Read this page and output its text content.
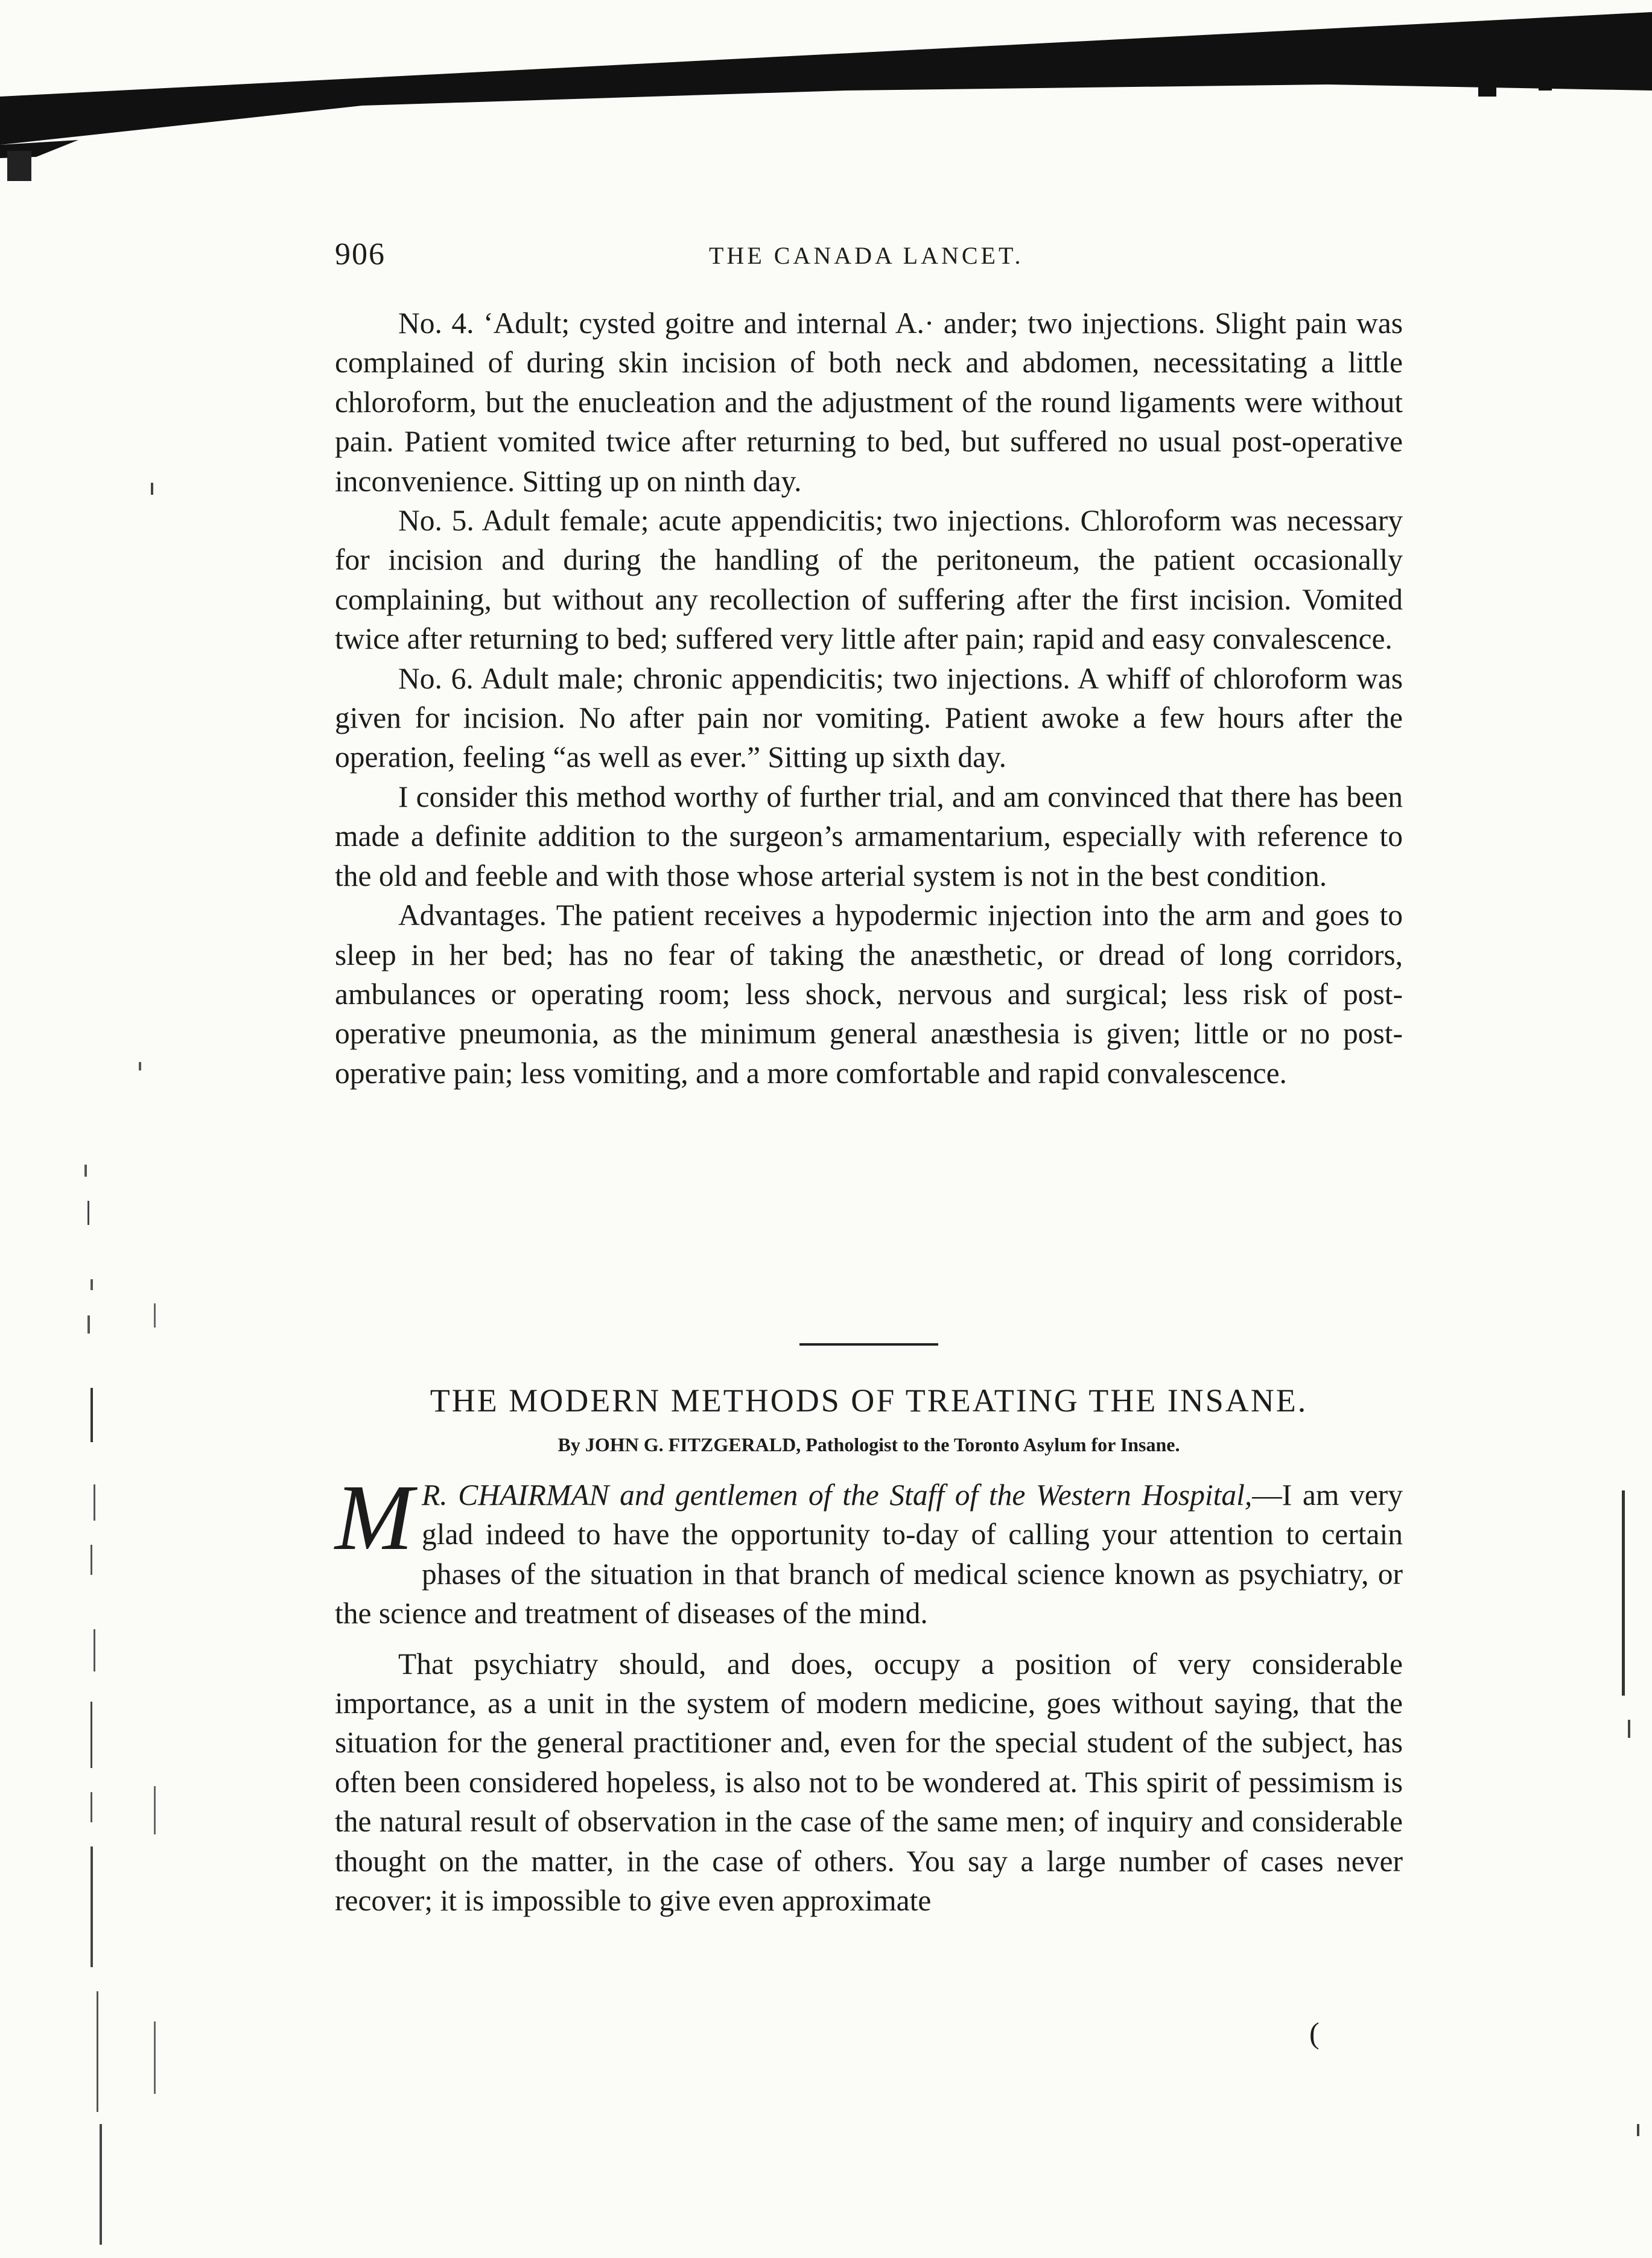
906	THE CANADA LANCET.

No. 4. ‘Adult; cysted goitre and internal A.· ander; two injections. Slight pain was complained of during skin incision of both neck and abdomen, necessitating a little chloroform, but the enucleation and the adjustment of the round ligaments were without pain. Patient vomited twice after returning to bed, but suffered no usual post-operative inconvenience. Sitting up on ninth day.

No. 5. Adult female; acute appendicitis; two injections. Chloroform was necessary for incision and during the handling of the peritoneum, the patient occasionally complaining, but without any recollection of suffering after the first incision. Vomited twice after returning to bed; suffered very little after pain; rapid and easy convalescence.

No. 6. Adult male; chronic appendicitis; two injections. A whiff of chloroform was given for incision. No after pain nor vomiting. Patient awoke a few hours after the operation, feeling “as well as ever.” Sitting up sixth day.

I consider this method worthy of further trial, and am convinced that there has been made a definite addition to the surgeon’s armamentarium, especially with reference to the old and feeble and with those whose arterial system is not in the best condition.

Advantages. The patient receives a hypodermic injection into the arm and goes to sleep in her bed; has no fear of taking the anæsthetic, or dread of long corridors, ambulances or operating room; less shock, nervous and surgical; less risk of post-operative pneumonia, as the minimum general anæsthesia is given; little or no post-operative pain; less vomiting, and a more comfortable and rapid convalescence.

THE MODERN METHODS OF TREATING THE INSANE.
By JOHN G. FITZGERALD, Pathologist to the Toronto Asylum for Insane.

M R. CHAIRMAN and gentlemen of the Staff of the Western Hospital,—I am very glad indeed to have the opportunity to-day of calling your attention to certain phases of the situation in that branch of medical science known as psychiatry, or the science and treatment of diseases of the mind.

That psychiatry should, and does, occupy a position of very considerable importance, as a unit in the system of modern medicine, goes without saying, that the situation for the general practitioner and, even for the special student of the subject, has often been considered hopeless, is also not to be wondered at. This spirit of pessimism is the natural result of observation in the case of the same men; of inquiry and considerable thought on the matter, in the case of others. You say a large number of cases never recover; it is impossible to give even approximate

(
